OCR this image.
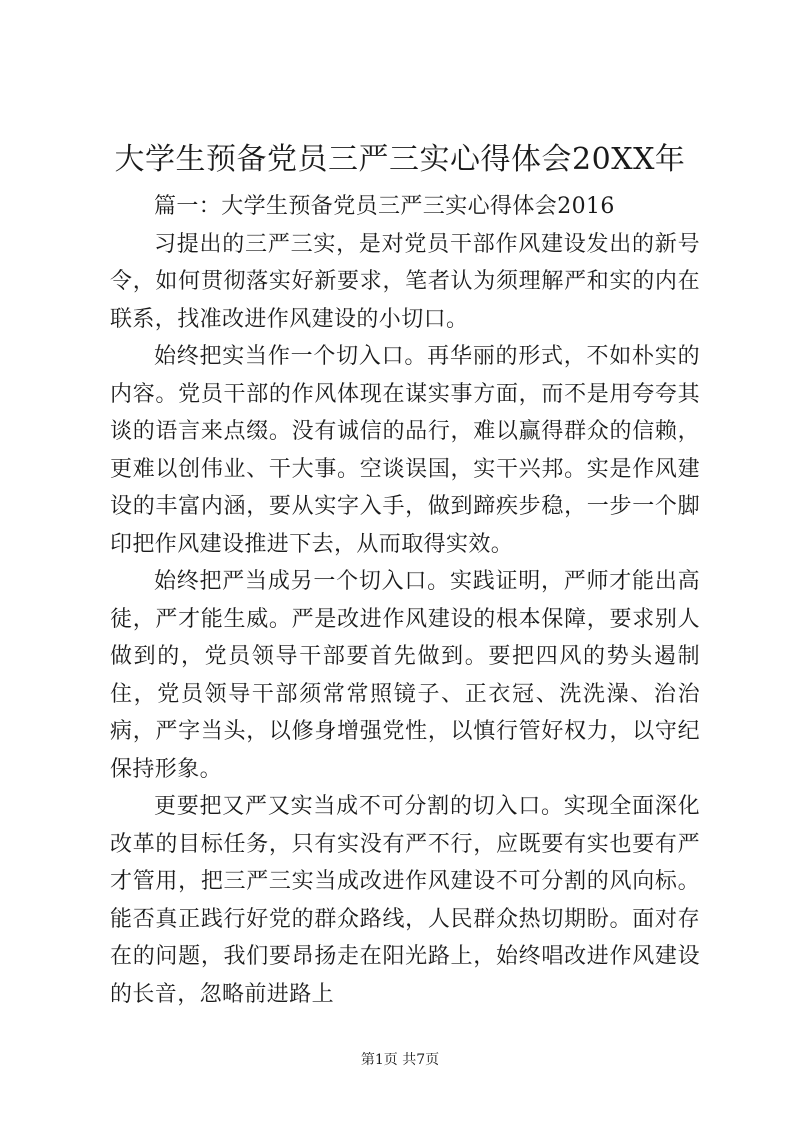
大学生预备党员三严三实心得体会20XX年

篇一：大学生预备党员三严三实心得体会2016

习提出的三严三实，是对党员干部作风建设发出的新号令，如何贯彻落实好新要求，笔者认为须理解严和实的内在联系，找准改进作风建设的小切口。

始终把实当作一个切入口。再华丽的形式，不如朴实的内容。党员干部的作风体现在谋实事方面，而不是用夸夸其谈的语言来点缀。没有诚信的品行，难以赢得群众的信赖，更难以创伟业、干大事。空谈误国，实干兴邦。实是作风建设的丰富内涵，要从实字入手，做到蹄疾步稳，一步一个脚印把作风建设推进下去，从而取得实效。

始终把严当成另一个切入口。实践证明，严师才能出高徒，严才能生威。严是改进作风建设的根本保障，要求别人做到的，党员领导干部要首先做到。要把四风的势头遏制住，党员领导干部须常常照镜子、正衣冠、洗洗澡、治治病，严字当头，以修身增强党性，以慎行管好权力，以守纪保持形象。

更要把又严又实当成不可分割的切入口。实现全面深化改革的目标任务，只有实没有严不行，应既要有实也要有严才管用，把三严三实当成改进作风建设不可分割的风向标。能否真正践行好党的群众路线，人民群众热切期盼。面对存在的问题，我们要昂扬走在阳光路上，始终唱改进作风建设的长音，忽略前进路上

第1页 共7页
